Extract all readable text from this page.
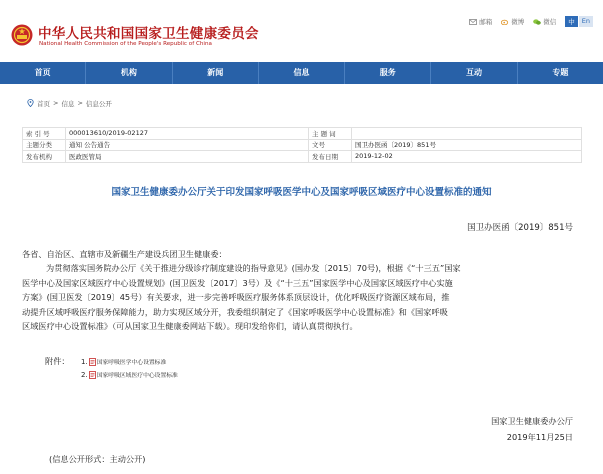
中华人民共和国国家卫生健康委员会
National Health Commission of the People's Republic of China
邮箱	微博	微信	中	En
首页	机构	新闻	信息	服务	互动	专题
首页 > 信息 > 信息公开
索 引 号	000013610/2019-02127	主 题 词	
主题分类	通知 公告通告	文号	国卫办医函〔2019〕851号
发布机构	医政医管局	发布日期	2019-12-02
国家卫生健康委办公厅关于印发国家呼吸医学中心及国家呼吸区域医疗中心设置标准的通知
国卫办医函〔2019〕851号
各省、自治区、直辖市及新疆生产建设兵团卫生健康委：

为贯彻落实国务院办公厅《关于推进分级诊疗制度建设的指导意见》(国办发〔2015〕70号)，根据《“十三五”国家

医学中心及国家区域医疗中心设置规划》(国卫医发〔2017〕3号）及《“十三五”国家医学中心及国家区域医疗中心实施

方案》(国卫医发〔2019〕45号）有关要求，进一步完善呼吸医疗服务体系顶层设计，优化呼吸医疗资源区域布局，推

动提升区域呼吸医疗服务保障能力，助力实现区域分开，我委组织制定了《国家呼吸医学中心设置标准》和《国家呼吸

区域医疗中心设置标准》（可从国家卫生健康委网站下载）。现印发给你们，请认真贯彻执行。

附件：	1. 国家呼吸医学中心设置标准
2. 国家呼吸区域医疗中心设置标准
国家卫生健康委办公厅
2019年11月25日
(信息公开形式：主动公开)
